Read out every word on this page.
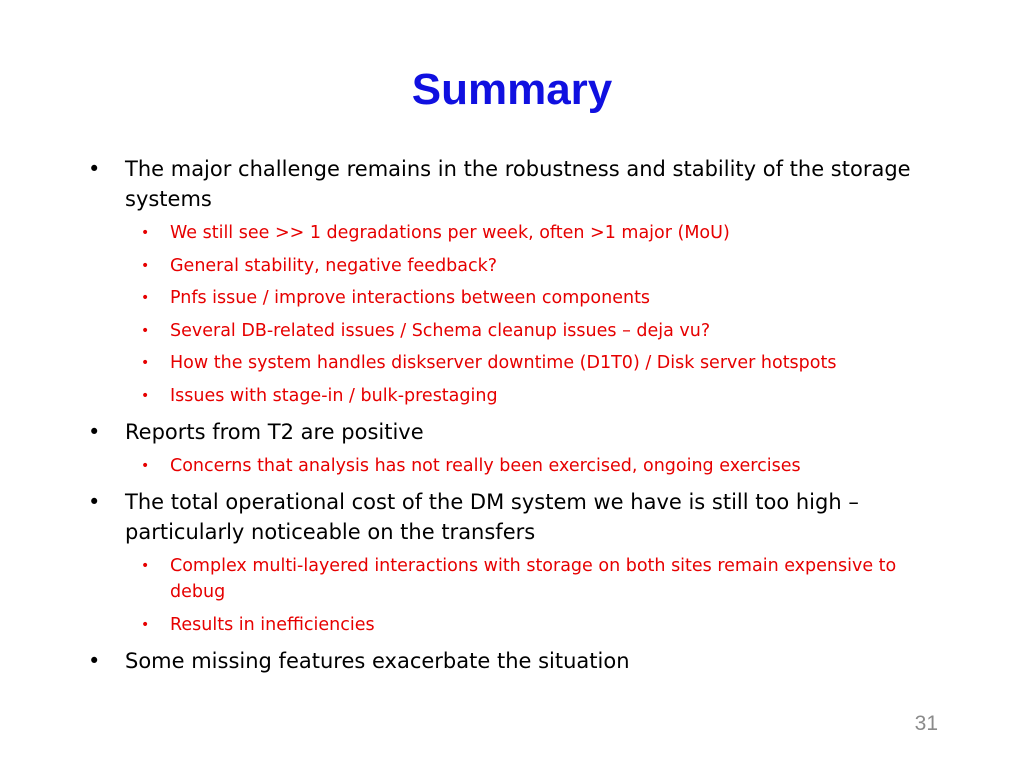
Summary
• The major challenge remains in the robustness and stability of the storage systems
• We still see >> 1 degradations per week, often >1 major (MoU)
• General stability, negative feedback?
• Pnfs issue / improve interactions between components
• Several DB-related issues / Schema cleanup issues – deja vu?
• How the system handles diskserver downtime (D1T0) / Disk server hotspots
• Issues with stage-in / bulk-prestaging
• Reports from T2 are positive
• Concerns that analysis has not really been exercised, ongoing exercises
• The total operational cost of the DM system we have is still too high – particularly noticeable on the transfers
• Complex multi-layered interactions with storage on both sites remain expensive to debug
• Results in inefficiencies
• Some missing features exacerbate the situation
31
